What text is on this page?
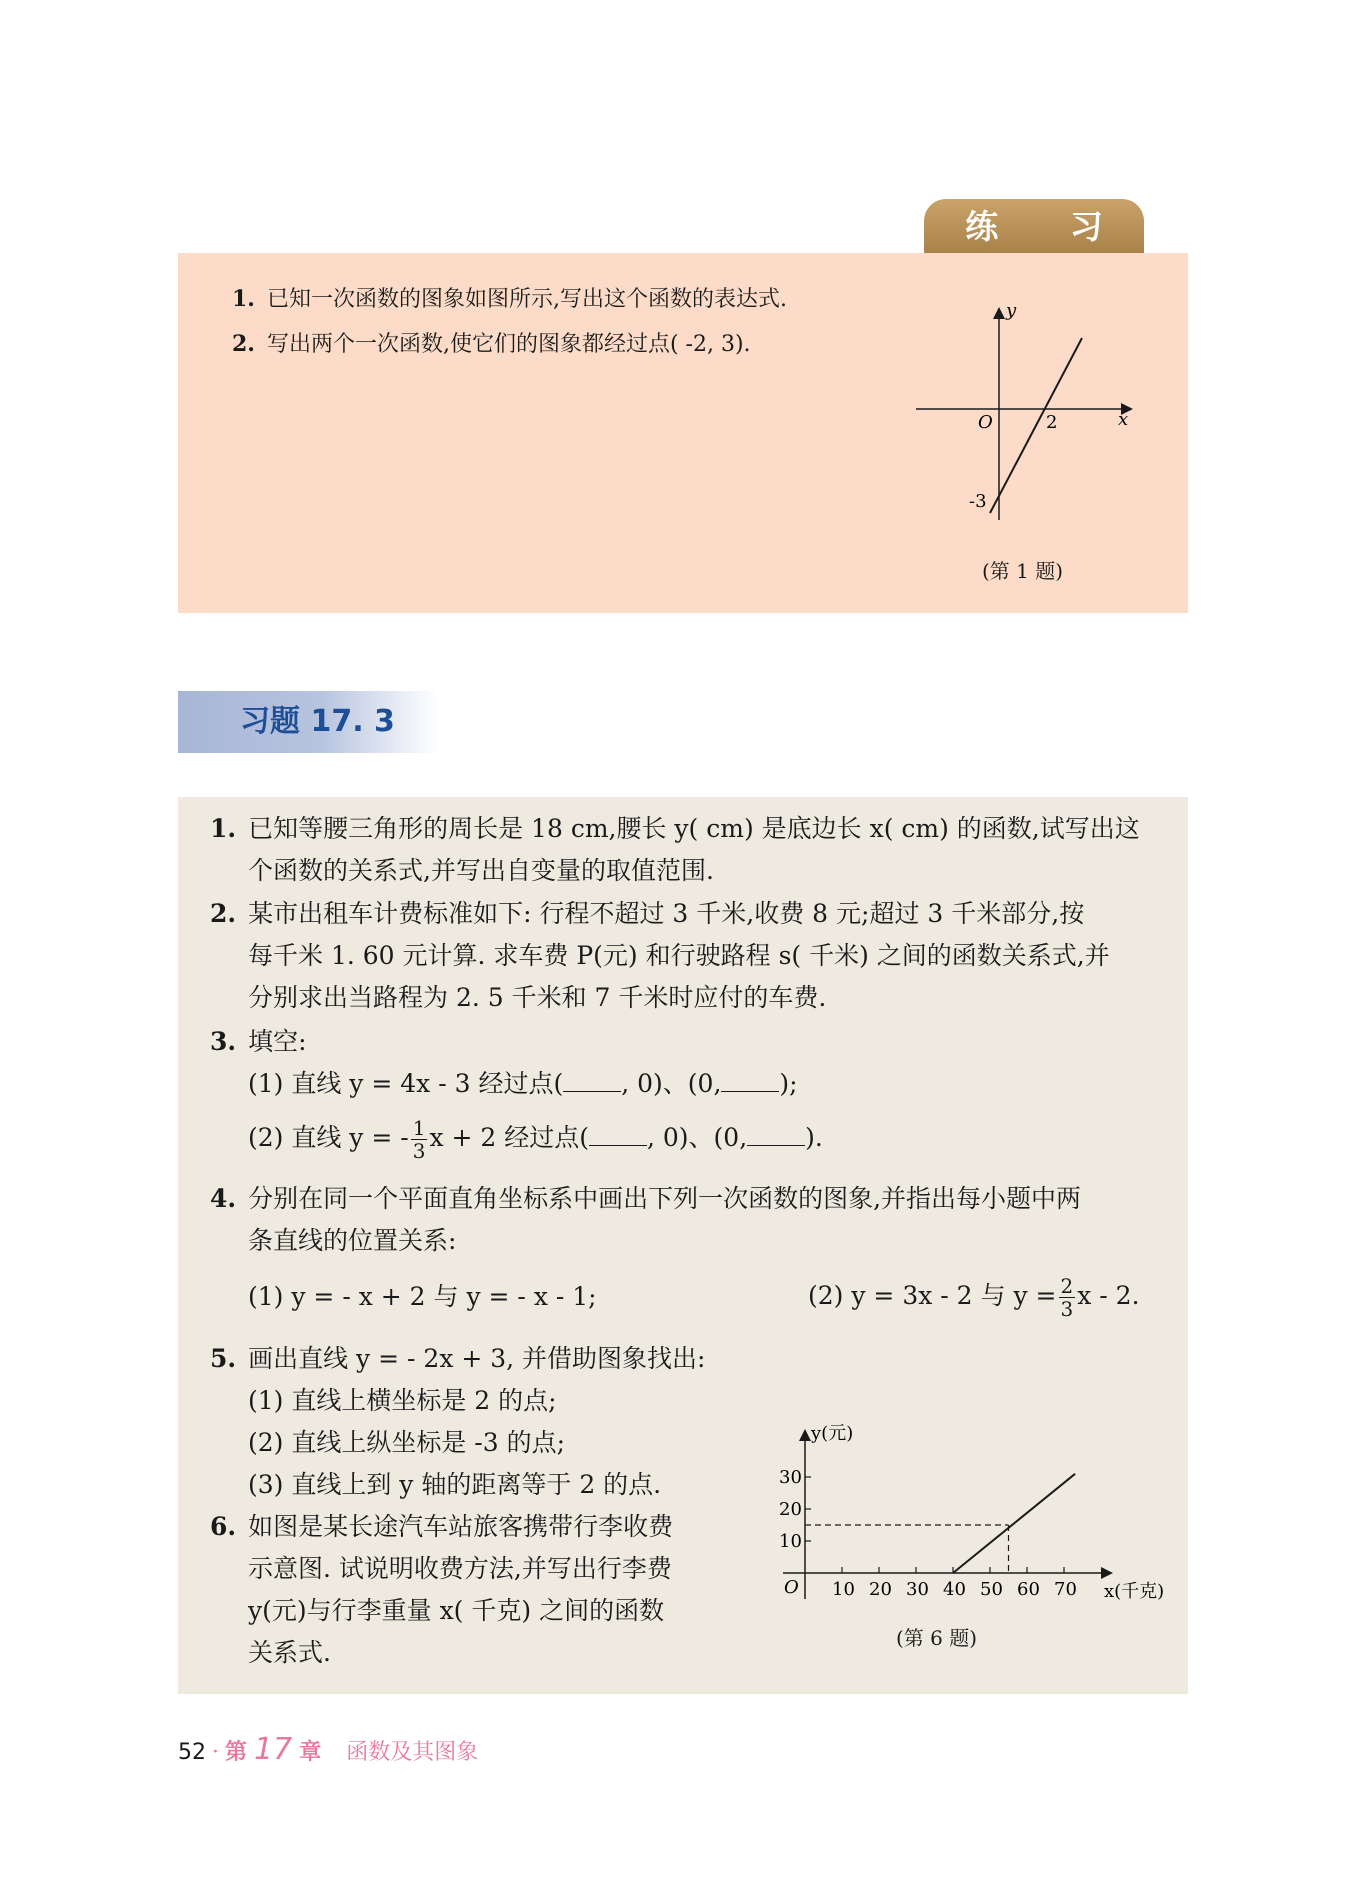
练 习
1. 已知一次函数的图象如图所示,写出这个函数的表达式.
2. 写出两个一次函数,使它们的图象都经过点( -2, 3).
y
x
O	2
-3
(第 1 题)
习题 17. 3
1. 已知等腰三角形的周长是 18 cm,腰长 y( cm) 是底边长 x( cm) 的函数,试写出这
个函数的关系式,并写出自变量的取值范围.
2. 某市出租车计费标准如下: 行程不超过 3 千米,收费 8 元;超过 3 千米部分,按
每千米 1. 60 元计算. 求车费 P(元) 和行驶路程 s( 千米) 之间的函数关系式,并
分别求出当路程为 2. 5 千米和 7 千米时应付的车费.
3. 填空:
(1) 直线 y = 4x - 3 经过点( , 0)、(0, );
(2) 直线 y = - $\frac{1}{3}$ x + 2 经过点( , 0)、(0, ).
4. 分别在同一个平面直角坐标系中画出下列一次函数的图象,并指出每小题中两
条直线的位置关系:
(1) y = - x + 2 与 y = - x - 1;	(2) y = 3x - 2 与 $y = \frac{2}{3}$ x - 2.
5. 画出直线 y = - 2x + 3, 并借助图象找出:
(1) 直线上横坐标是 2 的点;
(2) 直线上纵坐标是 -3 的点;
(3) 直线上到 y 轴的距离等于 2 的点.
6. 如图是某长途汽车站旅客携带行李收费
示意图. 试说明收费方法,并写出行李费
y(元)与行李重量 x( 千克) 之间的函数
关系式.
y(元)
x(千克)
O 10 20 30 40 50 60 70
10
20
30
(第 6 题)
52 · 第 17 章 函数及其图象
